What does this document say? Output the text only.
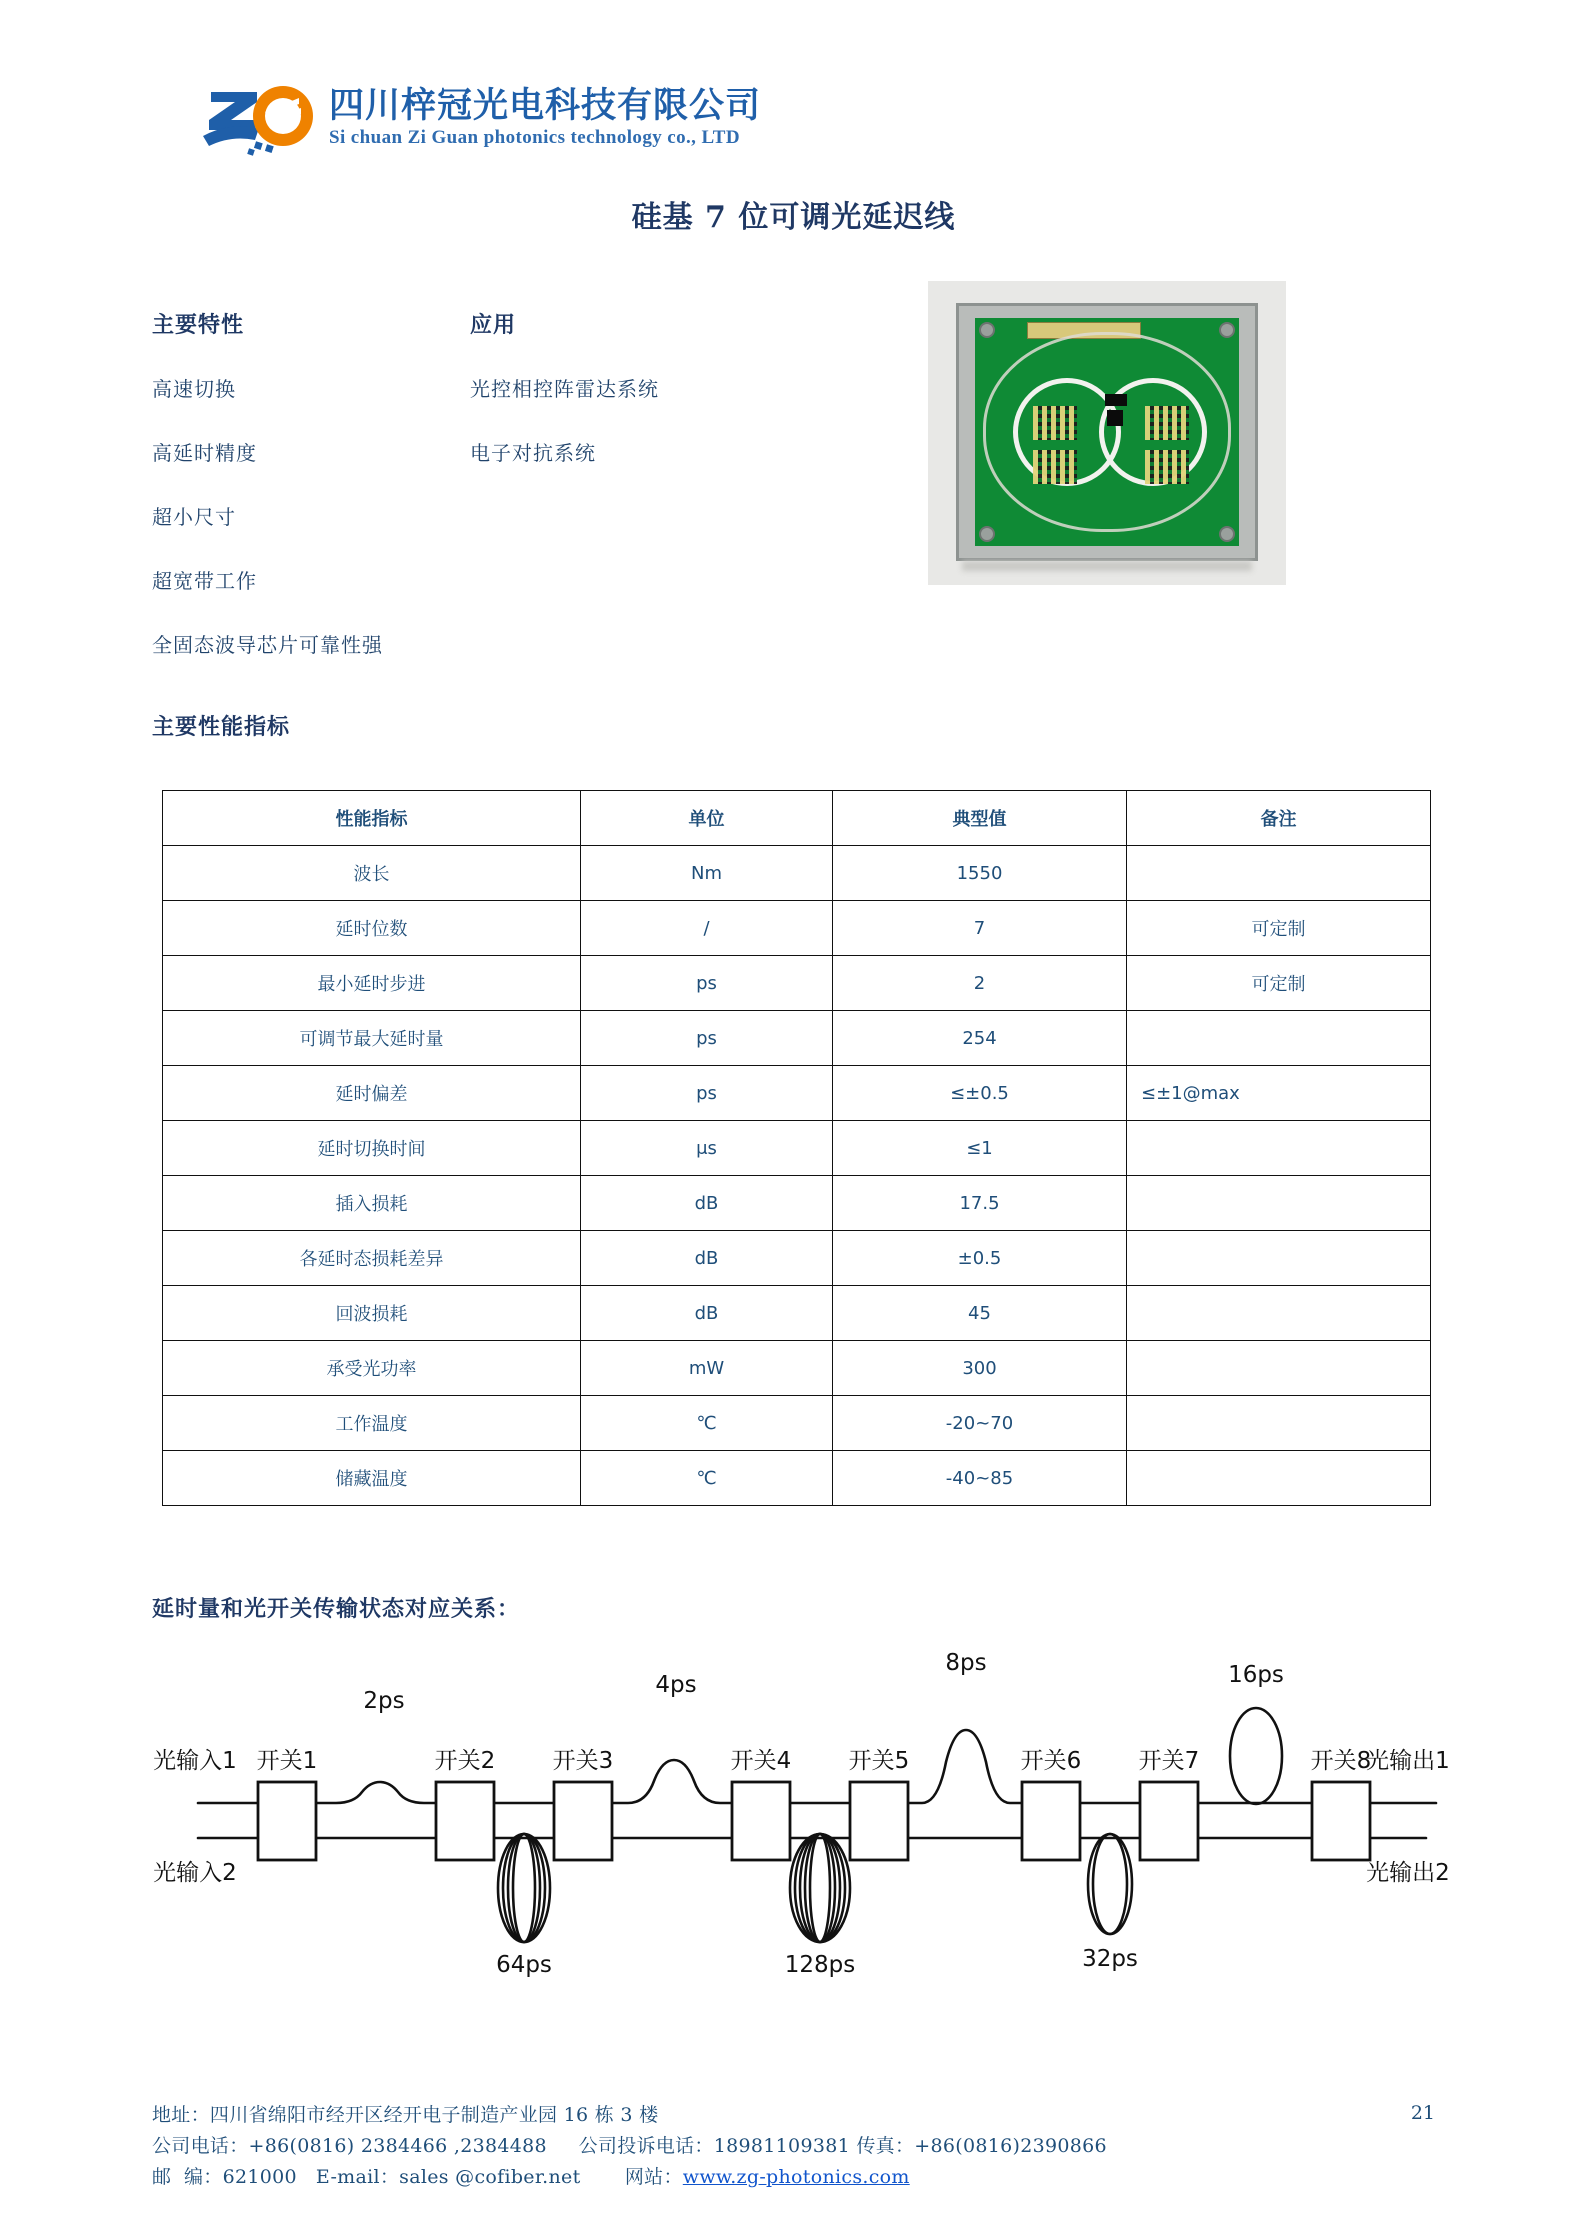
四川梓冠光电科技有限公司
Si chuan Zi Guan photonics technology co., LTD
硅基 7 位可调光延迟线
主要特性
高速切换
高延时精度
超小尺寸
超宽带工作
全固态波导芯片可靠性强
应用
光控相控阵雷达系统
电子对抗系统
主要性能指标
性能指标	单位	典型值	备注
波长	Nm	1550	
延时位数	/	7	可定制
最小延时步进	ps	2	可定制
可调节最大延时量	ps	254	
延时偏差	ps	≤±0.5	≤±1@max
延时切换时间	μs	≤1	
插入损耗	dB	17.5	
各延时态损耗差异	dB	±0.5	
回波损耗	dB	45	
承受光功率	mW	300	
工作温度	℃	-20~70	
储藏温度	℃	-40~85	
延时量和光开关传输状态对应关系：
开关1	开关2 开关3	开关4 开关5	开关6 开关7	开关8
光输入1
光输入2
光输出1
光输出2
2ps
4ps
8ps	16ps
64ps	128ps	32ps
地址：四川省绵阳市经开区经开电子制造产业园 16 栋 3 楼
公司电话：+86(0816) 2384466 ,2384488     公司投诉电话：18981109381 传真：+86(0816)2390866
邮  编：621000   E-mail：sales @cofiber.net       网站：www.zg-photonics.com
21
